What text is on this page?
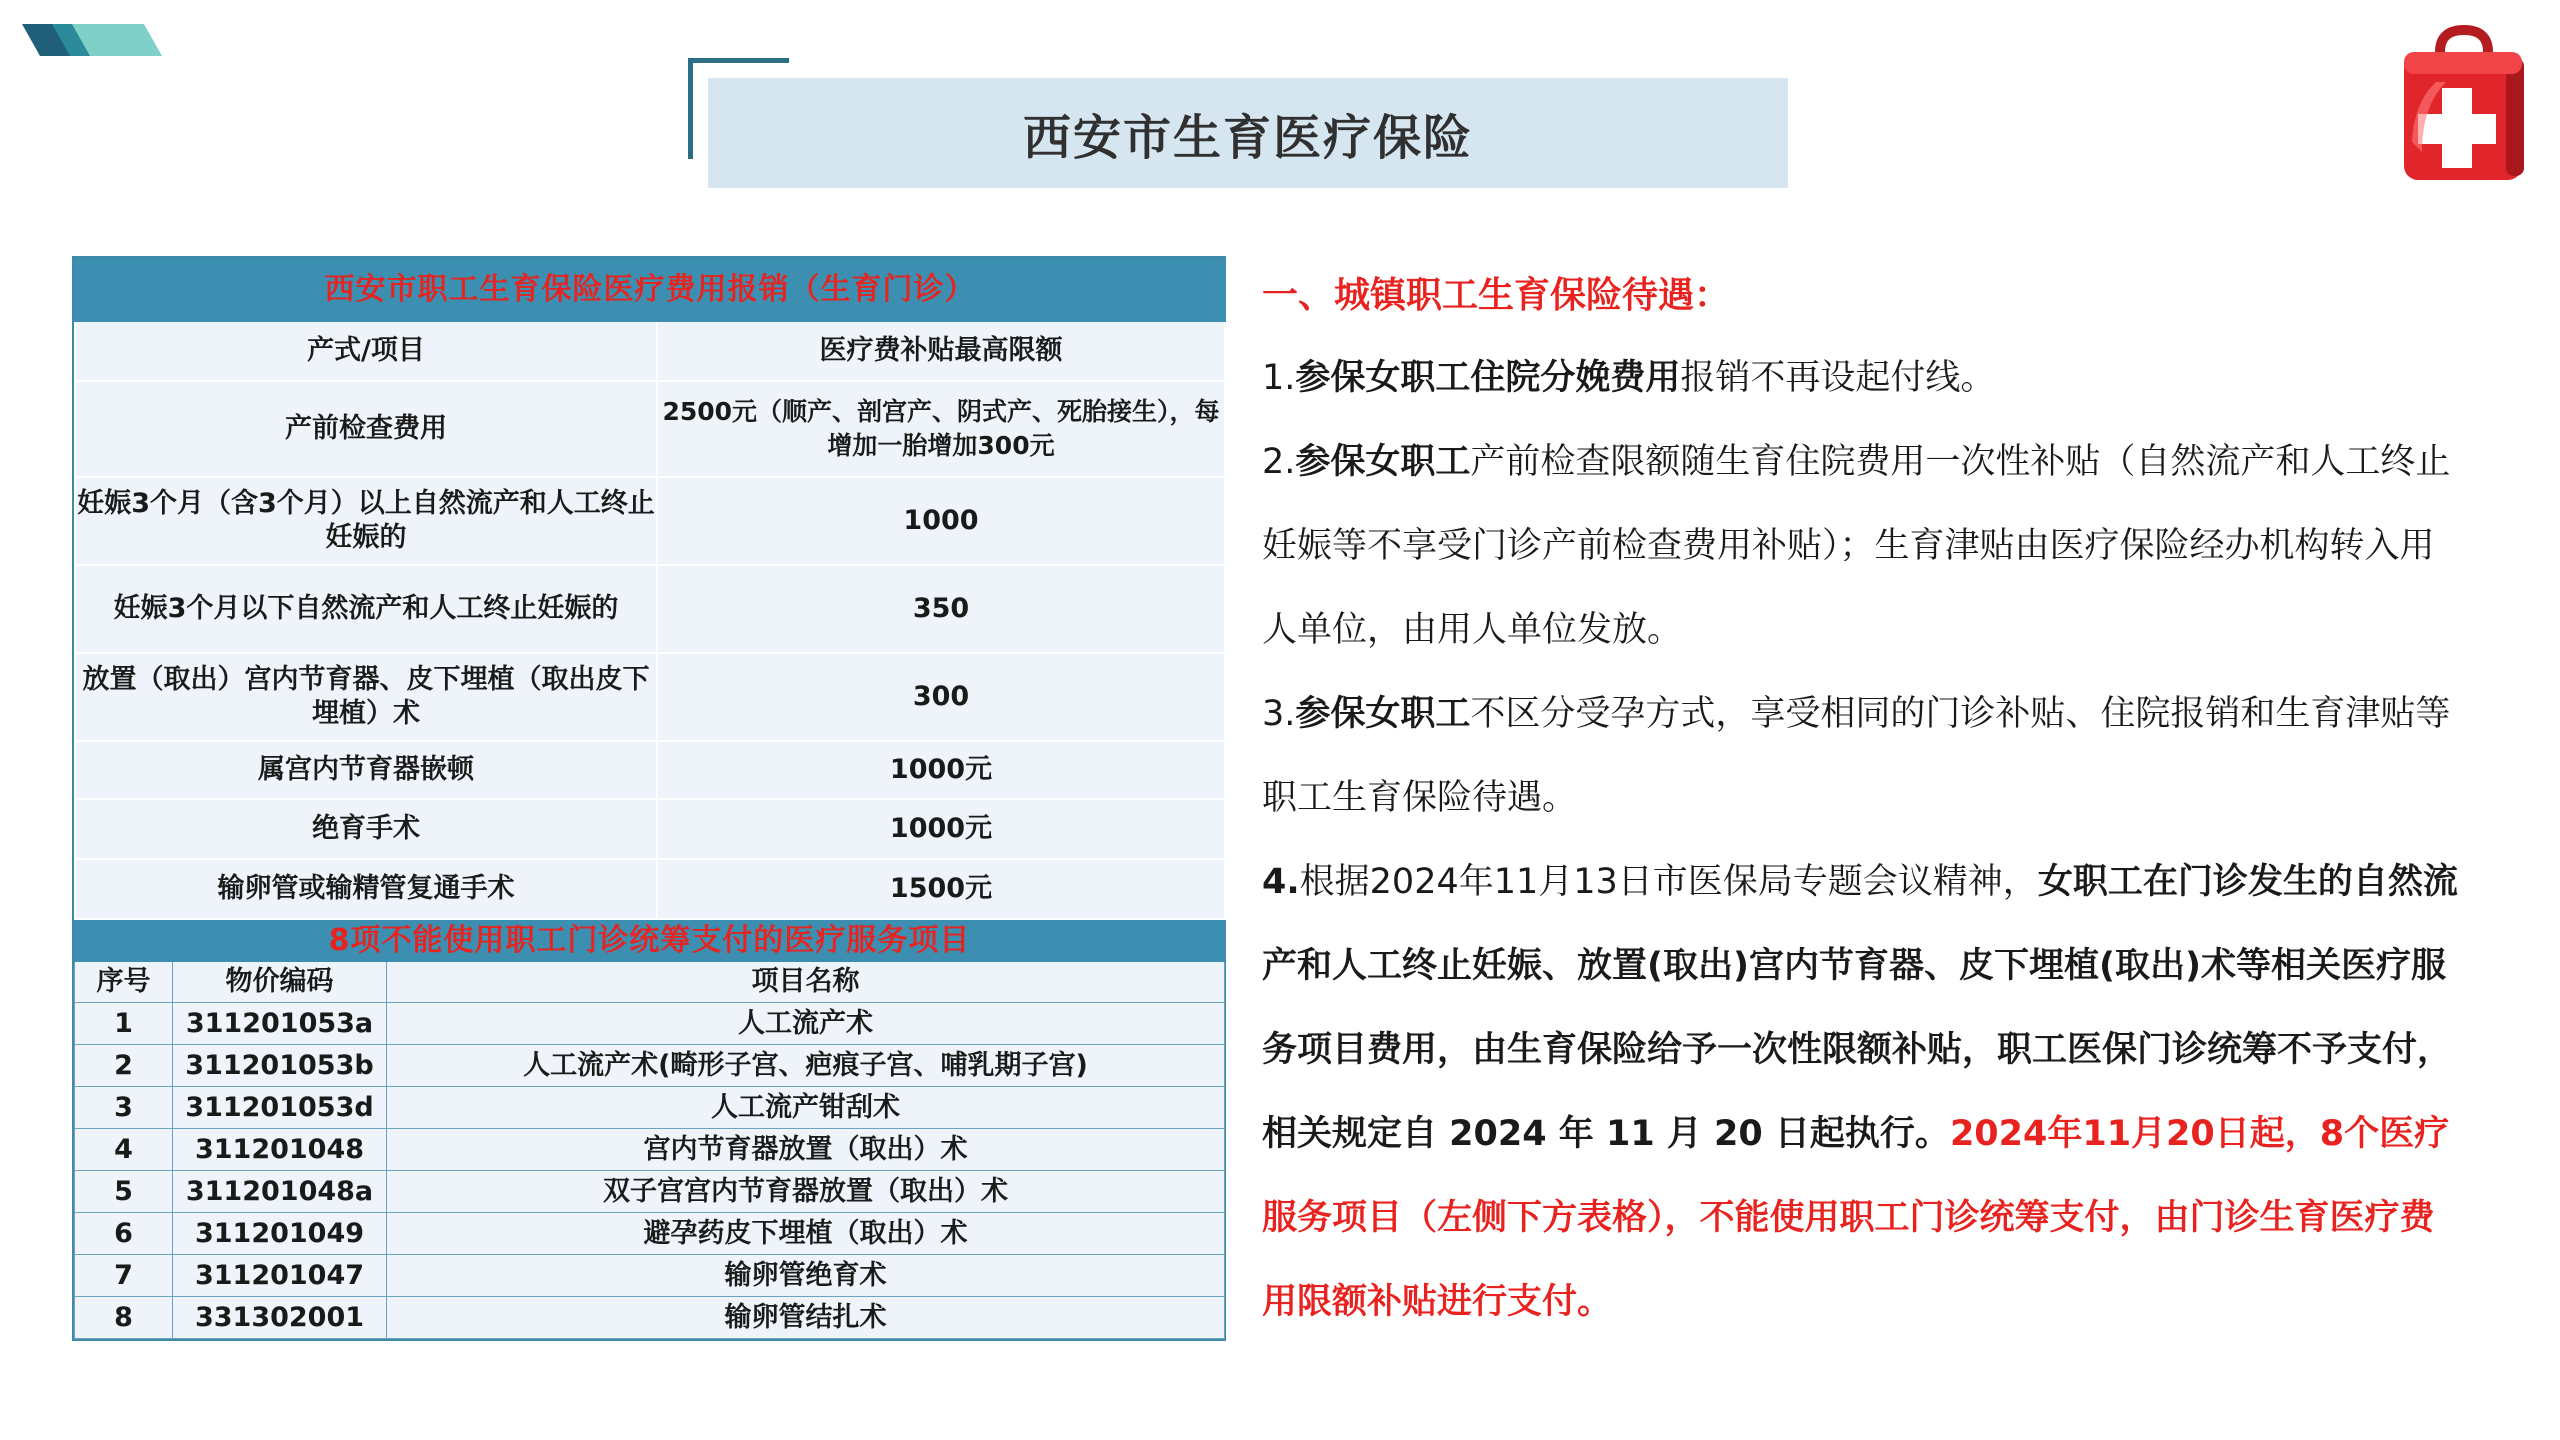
西安市生育医疗保险
西安市职工生育保险医疗费用报销（生育门诊）	
产式/项目	医疗费补贴最高限额
产前检查费用	2500元（顺产、剖宫产、阴式产、死胎接生），每增加一胎增加300元
妊娠3个月（含3个月）以上自然流产和人工终止妊娠的	1000
妊娠3个月以下自然流产和人工终止妊娠的	350
放置（取出）宫内节育器、皮下埋植（取出皮下埋植）术	300
属宫内节育器嵌顿	1000元
绝育手术	1000元
输卵管或输精管复通手术	1500元
8项不能使用职工门诊统筹支付的医疗服务项目		
序号	物价编码	项目名称
1	311201053a	人工流产术
2	311201053b	人工流产术(畸形子宫、疤痕子宫、哺乳期子宫)
3	311201053d	人工流产钳刮术
4	311201048	宫内节育器放置（取出）术
5	311201048a	双子宫宫内节育器放置（取出）术
6	311201049	避孕药皮下埋植（取出）术
7	311201047	输卵管绝育术
8	331302001	输卵管结扎术

一、城镇职工生育保险待遇：

1.参保女职工住院分娩费用报销不再设起付线。

2.参保女职工产前检查限额随生育住院费用一次性补贴（自然流产和人工终止妊娠等不享受门诊产前检查费用补贴）；生育津贴由医疗保险经办机构转入用人单位，由用人单位发放。

3.参保女职工不区分受孕方式，享受相同的门诊补贴、住院报销和生育津贴等职工生育保险待遇。

4.根据2024年11月13日市医保局专题会议精神，女职工在门诊发生的自然流产和人工终止妊娠、放置(取出)宫内节育器、皮下埋植(取出)术等相关医疗服务项目费用，由生育保险给予一次性限额补贴，职工医保门诊统筹不予支付，相关规定自 2024 年 11 月 20 日起执行。2024年11月20日起，8个医疗服务项目（左侧下方表格），不能使用职工门诊统筹支付，由门诊生育医疗费用限额补贴进行支付。
